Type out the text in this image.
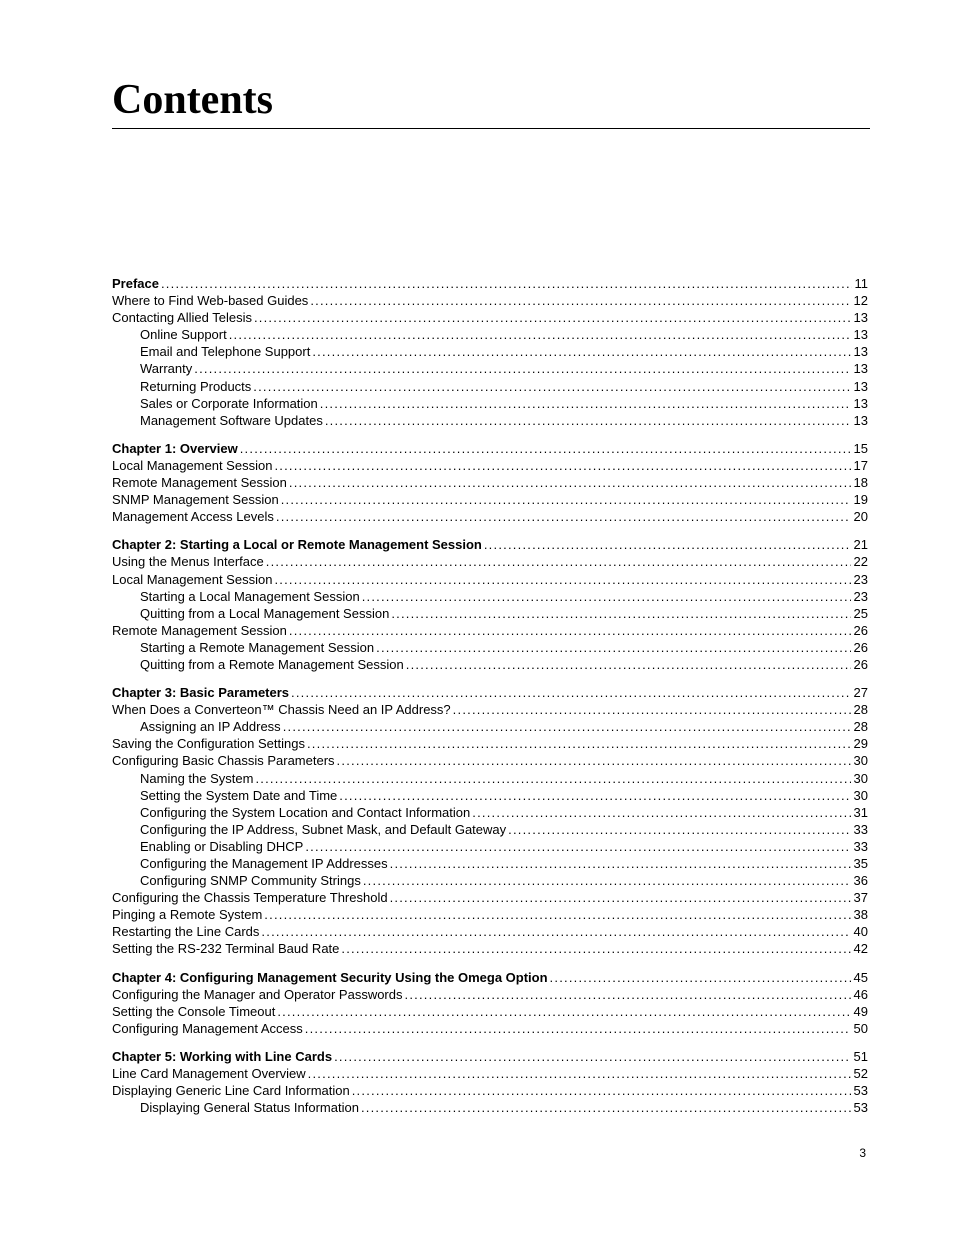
Contents
Preface . . .	11
Where to Find Web-based Guides . . .	12
Contacting Allied Telesis . . .	13
Online Support . . .	13
Email and Telephone Support . . .	13
Warranty . . .	13
Returning Products . . .	13
Sales or Corporate Information . . .	13
Management Software Updates . . .	13
Chapter 1: Overview . . .	15
Local Management Session . . .	17
Remote Management Session . . .	18
SNMP Management Session . . .	19
Management Access Levels . . .	20
Chapter 2: Starting a Local or Remote Management Session . . .	21
Using the Menus Interface . . .	22
Local Management Session . . .	23
Starting a Local Management Session . . .	23
Quitting from a Local Management Session . . .	25
Remote Management Session . . .	26
Starting a Remote Management Session . . .	26
Quitting from a Remote Management Session . . .	26
Chapter 3: Basic Parameters . . .	27
When Does a Converteon™ Chassis Need an IP Address? . . .	28
Assigning an IP Address . . .	28
Saving the Configuration Settings . . .	29
Configuring Basic Chassis Parameters . . .	30
Naming the System . . .	30
Setting the System Date and Time . . .	30
Configuring the System Location and Contact Information . . .	31
Configuring the IP Address, Subnet Mask, and Default Gateway . . .	33
Enabling or Disabling DHCP . . .	33
Configuring the Management IP Addresses . . .	35
Configuring SNMP Community Strings . . .	36
Configuring the Chassis Temperature Threshold . . .	37
Pinging a Remote System . . .	38
Restarting the Line Cards . . .	40
Setting the RS-232 Terminal Baud Rate . . .	42
Chapter 4: Configuring Management Security Using the Omega Option . . .	45
Configuring the Manager and Operator Passwords . . .	46
Setting the Console Timeout . . .	49
Configuring Management Access . . .	50
Chapter 5: Working with Line Cards . . .	51
Line Card Management Overview . . .	52
Displaying Generic Line Card Information . . .	53
Displaying General Status Information . . .	53
3
